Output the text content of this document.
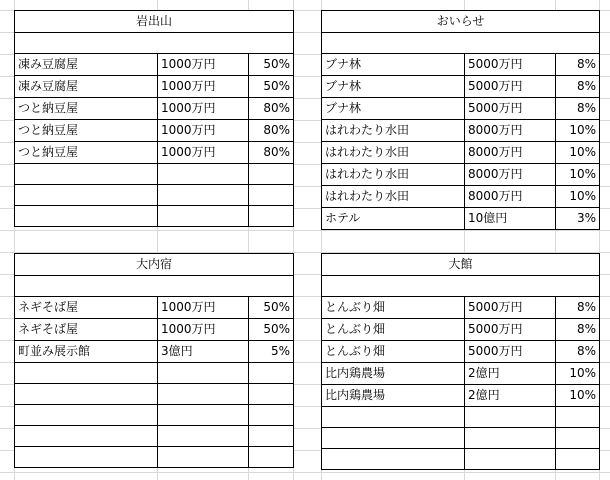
岩出山		

凍み豆腐屋	1000万円	50%
凍み豆腐屋	1000万円	50%
つと納豆屋	1000万円	80%
つと納豆屋	1000万円	80%
つと納豆屋	1000万円	80%

おいらせ		

ブナ林	5000万円	8%
ブナ林	5000万円	8%
ブナ林	5000万円	8%
はれわたり水田	8000万円	10%
はれわたり水田	8000万円	10%
はれわたり水田	8000万円	10%
はれわたり水田	8000万円	10%
ホテル	10億円	3%
大内宿		

ネギそば屋	1000万円	50%
ネギそば屋	1000万円	50%
町並み展示館	3億円	5%

大館		

とんぶり畑	5000万円	8%
とんぶり畑	5000万円	8%
とんぶり畑	5000万円	8%
比内鶏農場	2億円	10%
比内鶏農場	2億円	10%
